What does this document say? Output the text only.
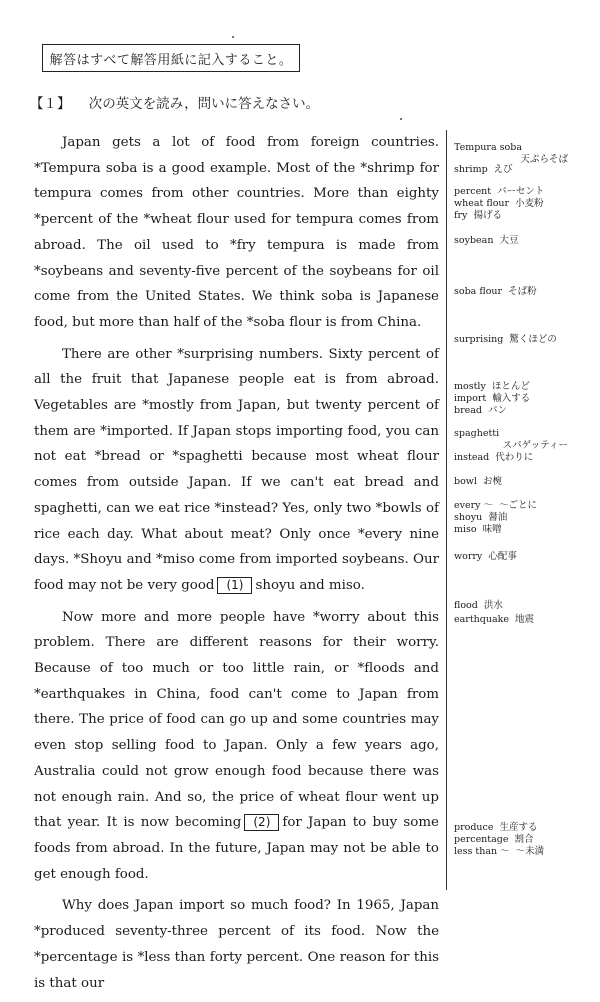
解答はすべて解答用紙に記入すること。
【１】 次の英文を読み，問いに答えなさい。

Japan gets a lot of food from foreign countries. *Tempura soba is a good example. Most of the *shrimp for tempura comes from other countries. More than eighty *percent of the *wheat flour used for tempura comes from abroad. The oil used to *fry tempura is made from *soybeans and seventy-five percent of the soybeans for oil come from the United States. We think soba is Japanese food, but more than half of the *soba flour is from China.

There are other *surprising numbers. Sixty percent of all the fruit that Japanese people eat is from abroad. Vegetables are *mostly from Japan, but twenty percent of them are *imported. If Japan stops importing food, you can not eat *bread or *spaghetti because most wheat flour comes from outside Japan. If we can't eat bread and spaghetti, can we eat rice *instead? Yes, only two *bowls of rice each day. What about meat? Only once *every nine days. *Shoyu and *miso come from imported soybeans. Our food may not be very good (1) shoyu and miso.

Now more and more people have *worry about this problem. There are different reasons for their worry. Because of too much or too little rain, or *floods and *earthquakes in China, food can't come to Japan from there. The price of food can go up and some countries may even stop selling food to Japan. Only a few years ago, Australia could not grow enough food because there was not enough rain. And so, the price of wheat flour went up that year. It is now becoming (2) for Japan to buy some foods from abroad. In the future, Japan may not be able to get enough food.

Why does Japan import so much food? In 1965, Japan *produced seventy-three percent of its food. Now the *percentage is *less than forty percent. One reason for this is that our

Tempura soba
天ぷらそば
shrimp えび
percent パーセント
wheat flour 小麦粉
fry 揚げる
soybean 大豆
soba flour そば粉
surprising 驚くほどの
mostly ほとんど
import 輸入する
bread パン
spaghetti
スパゲッティー
instead 代わりに
bowl お椀
every ～ ～ごとに
shoyu 醤油
miso 味噌
worry 心配事
flood 洪水
earthquake 地震
produce 生産する
percentage 割合
less than ～ ～未満
